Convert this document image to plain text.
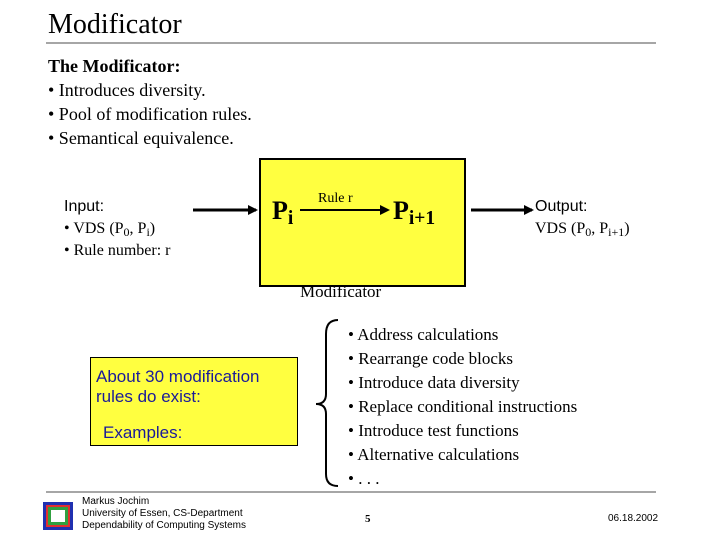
Modificator
The Modificator:
• Introduces diversity.
• Pool of modification rules.
• Semantical equivalence.
Input:
• VDS ($P_0$, $P_i$)
• Rule number: r
$P_i$
Rule r $P_{i+1}$
Modificator
Output:
VDS ($P_0$, $P_{i+1}$)
About 30 modification
rules do exist:
Examples:
• Address calculations
• Rearrange code blocks
• Introduce data diversity
• Replace conditional instructions
• Introduce test functions
• Alternative calculations
• . . .
Markus Jochim
University of Essen, CS-Department
Dependability of Computing Systems
5	06.18.2002
